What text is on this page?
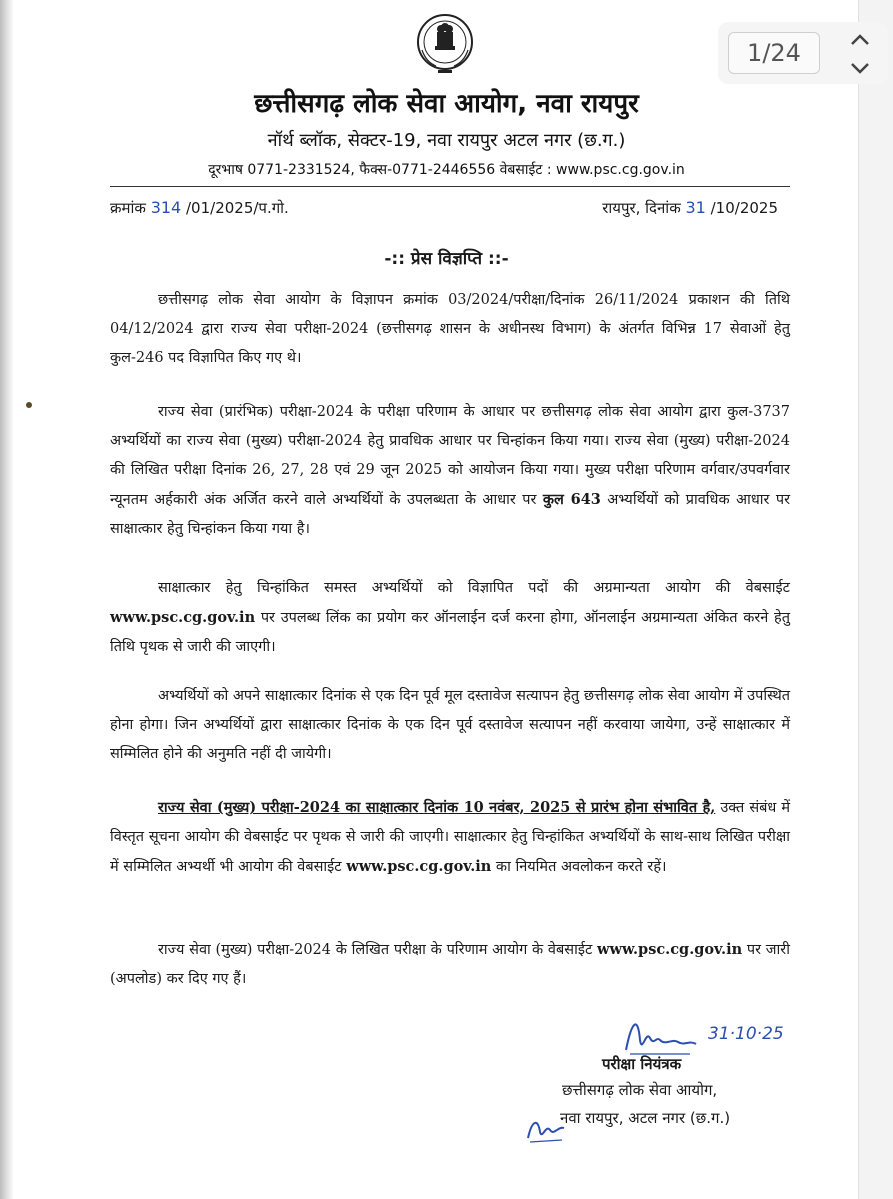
1/24
छत्तीसगढ़ लोक सेवा आयोग, नवा रायपुर
नॉर्थ ब्लॉक, सेक्टर-19, नवा रायपुर अटल नगर (छ.ग.)
दूरभाष 0771-2331524, फैक्स-0771-2446556 वेबसाईट : www.psc.cg.gov.in
क्रमांक 314 /01/2025/प.गो.	रायपुर, दिनांक 31 /10/2025
-:: प्रेस विज्ञप्ति ::-

छत्तीसगढ़ लोक सेवा आयोग के विज्ञापन क्रमांक 03/2024/परीक्षा/दिनांक 26/11/2024 प्रकाशन की तिथि 04/12/2024 द्वारा राज्य सेवा परीक्षा-2024 (छत्तीसगढ़ शासन के अधीनस्थ विभाग) के अंतर्गत विभिन्न 17 सेवाओं हेतु कुल-246 पद विज्ञापित किए गए थे।

राज्य सेवा (प्रारंभिक) परीक्षा-2024 के परीक्षा परिणाम के आधार पर छत्तीसगढ़ लोक सेवा आयोग द्वारा कुल-3737 अभ्यर्थियों का राज्य सेवा (मुख्य) परीक्षा-2024 हेतु प्रावधिक आधार पर चिन्हांकन किया गया। राज्य सेवा (मुख्य) परीक्षा-2024 की लिखित परीक्षा दिनांक 26, 27, 28 एवं 29 जून 2025 को आयोजन किया गया। मुख्य परीक्षा परिणाम वर्गवार/उपवर्गवार न्यूनतम अर्हकारी अंक अर्जित करने वाले अभ्यर्थियों के उपलब्धता के आधार पर कुल 643 अभ्यर्थियों को प्रावधिक आधार पर साक्षात्कार हेतु चिन्हांकन किया गया है।

साक्षात्कार हेतु चिन्हांकित समस्त अभ्यर्थियों को विज्ञापित पदों की अग्रमान्यता आयोग की वेबसाईट www.psc.cg.gov.in पर उपलब्ध लिंक का प्रयोग कर ऑनलाईन दर्ज करना होगा, ऑनलाईन अग्रमान्यता अंकित करने हेतु तिथि पृथक से जारी की जाएगी।

अभ्यर्थियों को अपने साक्षात्कार दिनांक से एक दिन पूर्व मूल दस्तावेज सत्यापन हेतु छत्तीसगढ़ लोक सेवा आयोग में उपस्थित होना होगा। जिन अभ्यर्थियों द्वारा साक्षात्कार दिनांक के एक दिन पूर्व दस्तावेज सत्यापन नहीं करवाया जायेगा, उन्हें साक्षात्कार में सम्मिलित होने की अनुमति नहीं दी जायेगी।

राज्य सेवा (मुख्य) परीक्षा-2024 का साक्षात्कार दिनांक 10 नवंबर, 2025 से प्रारंभ होना संभावित है, उक्त संबंध में विस्तृत सूचना आयोग की वेबसाईट पर पृथक से जारी की जाएगी। साक्षात्कार हेतु चिन्हांकित अभ्यर्थियों के साथ-साथ लिखित परीक्षा में सम्मिलित अभ्यर्थी भी आयोग की वेबसाईट www.psc.cg.gov.in का नियमित अवलोकन करते रहें।

राज्य सेवा (मुख्य) परीक्षा-2024 के लिखित परीक्षा के परिणाम आयोग के वेबसाईट www.psc.cg.gov.in पर जारी (अपलोड) कर दिए गए हैं।

31·10·25
परीक्षा नियंत्रक
छत्तीसगढ़ लोक सेवा आयोग,
नवा रायपुर, अटल नगर (छ.ग.)
